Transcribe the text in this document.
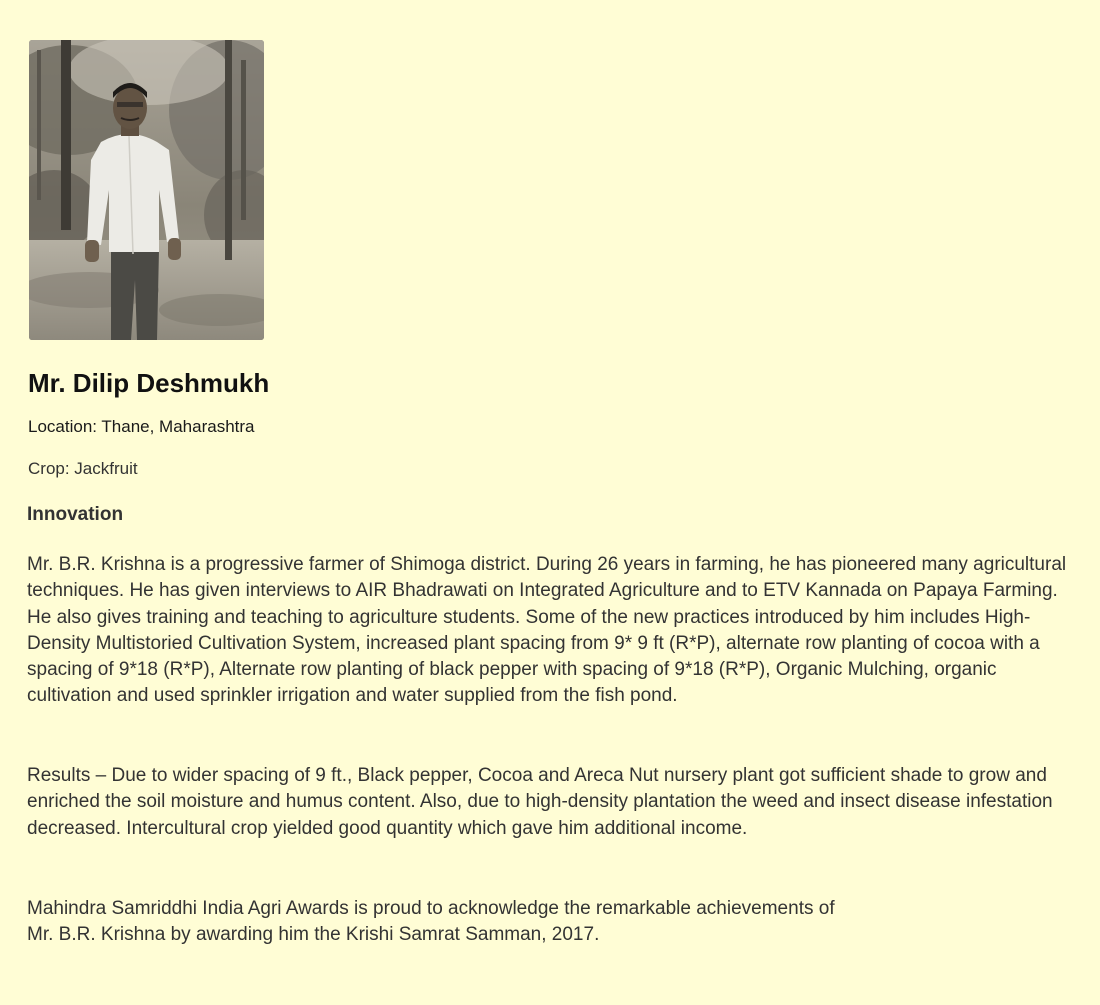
Mr. Dilip Deshmukh
Location: Thane, Maharashtra
Crop: Jackfruit
Innovation

Mr. B.R. Krishna is a progressive farmer of Shimoga district. During 26 years in farming, he has pioneered many agricultural techniques. He has given interviews to AIR Bhadrawati on Integrated Agriculture and to ETV Kannada on Papaya Farming. He also gives training and teaching to agriculture students. Some of the new practices introduced by him includes High-Density Multistoried Cultivation System, increased plant spacing from 9* 9 ft (R*P), alternate row planting of cocoa with a spacing of 9*18 (R*P), Alternate row planting of black pepper with spacing of 9*18 (R*P), Organic Mulching, organic cultivation and used sprinkler irrigation and water supplied from the fish pond.

Results – Due to wider spacing of 9 ft., Black pepper, Cocoa and Areca Nut nursery plant got sufficient shade to grow and enriched the soil moisture and humus content. Also, due to high-density plantation the weed and insect disease infestation decreased. Intercultural crop yielded good quantity which gave him additional income.

Mahindra Samriddhi India Agri Awards is proud to acknowledge the remarkable achievements of
Mr. B.R. Krishna by awarding him the Krishi Samrat Samman, 2017.
